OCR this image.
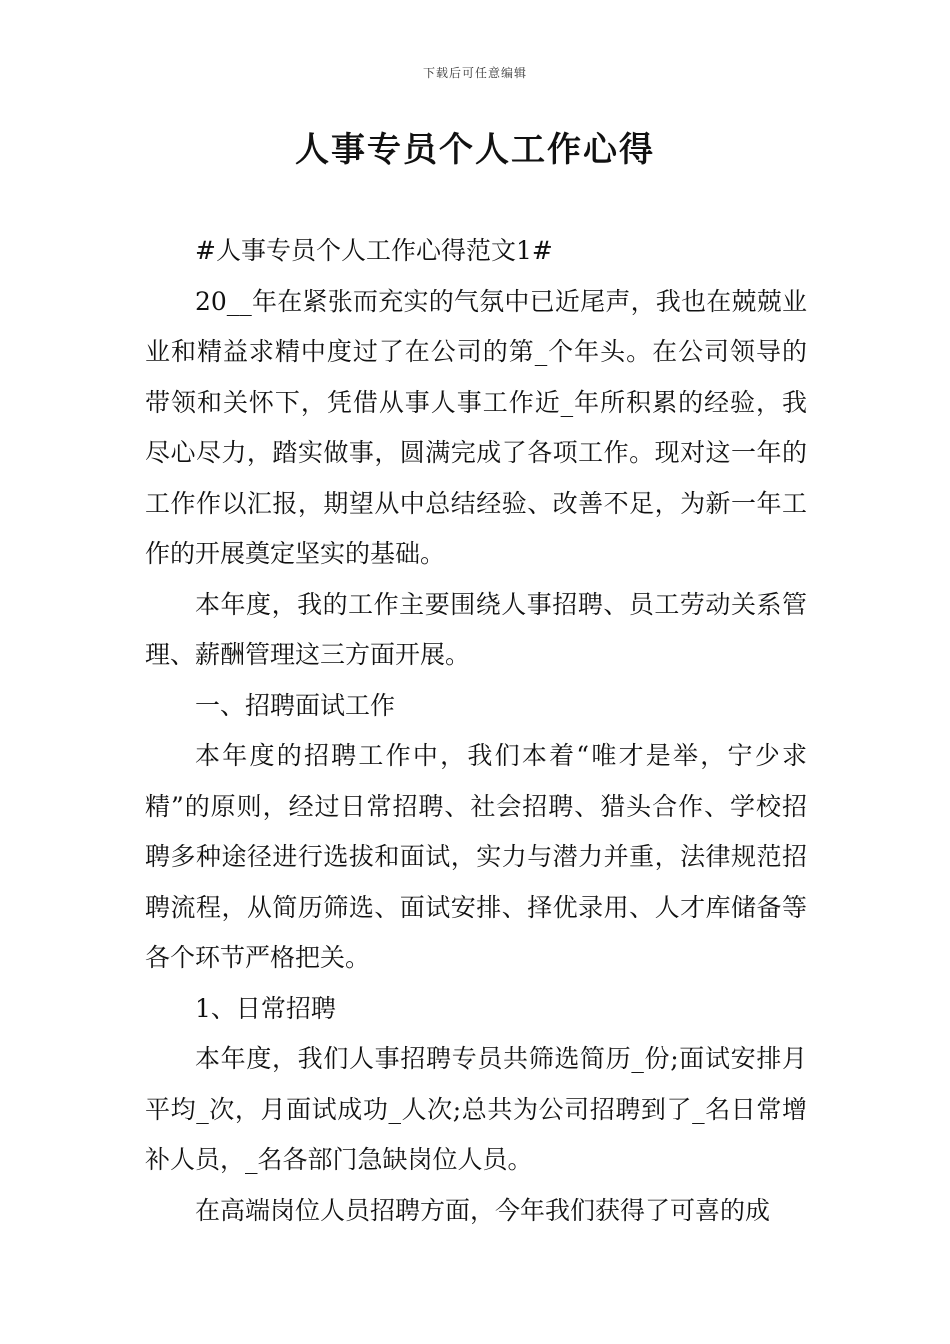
下载后可任意编辑
人事专员个人工作心得

#人事专员个人工作心得范文1#

20__年在紧张而充实的气氛中已近尾声，我也在兢兢业业和精益求精中度过了在公司的第_个年头。在公司领导的带领和关怀下，凭借从事人事工作近_年所积累的经验，我尽心尽力，踏实做事，圆满完成了各项工作。现对这一年的工作作以汇报，期望从中总结经验、改善不足，为新一年工作的开展奠定坚实的基础。

本年度，我的工作主要围绕人事招聘、员工劳动关系管理、薪酬管理这三方面开展。

一、招聘面试工作

本年度的招聘工作中，我们本着“唯才是举，宁少求精”的原则，经过日常招聘、社会招聘、猎头合作、学校招聘多种途径进行选拔和面试，实力与潜力并重，法律规范招聘流程，从简历筛选、面试安排、择优录用、人才库储备等各个环节严格把关。

1、日常招聘

本年度，我们人事招聘专员共筛选简历_份;面试安排月平均_次，月面试成功_人次;总共为公司招聘到了_名日常增补人员，_名各部门急缺岗位人员。

在高端岗位人员招聘方面，今年我们获得了可喜的成
